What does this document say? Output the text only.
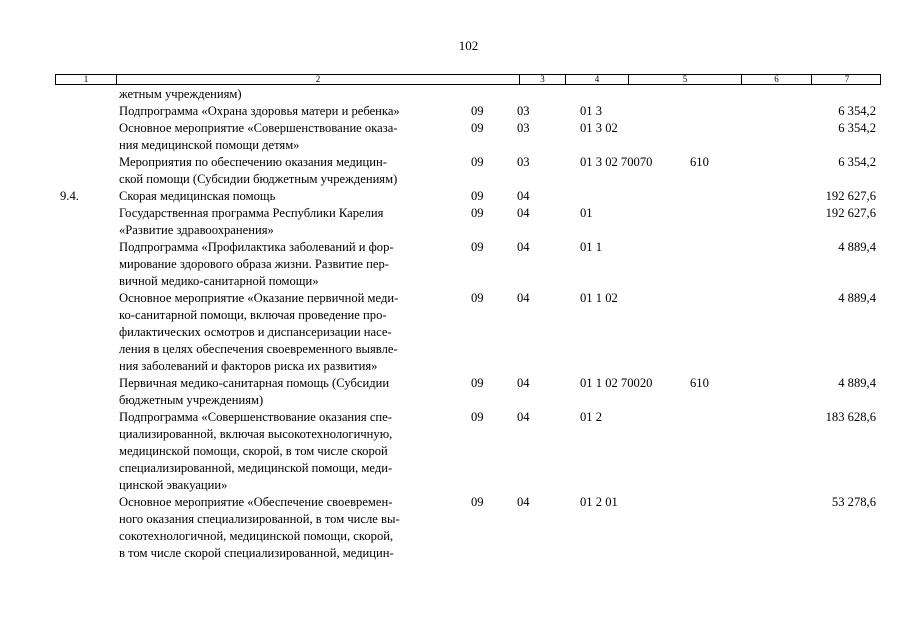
102
1	2	3	4	5	6	7
жетным учреждениям)
Подпрограмма «Охрана здоровья матери и ребенка»	09	03	01 3	6 354,2
Основное мероприятие «Совершенствование оказа-
ния медицинской помощи детям»
09	03	01 3 02	6 354,2
Мероприятия по обеспечению оказания медицин-
ской помощи (Субсидии бюджетным учреждениям)
09	03	01 3 02 70070	610	6 354,2
9.4.	Скорая медицинская помощь	09	04	192 627,6
Государственная программа Республики Карелия
«Развитие здравоохранения»
09	04	01	192 627,6
Подпрограмма «Профилактика заболеваний и фор-
мирование здорового образа жизни. Развитие пер-
вичной медико-санитарной помощи»
09	04	01 1	4 889,4
Основное мероприятие «Оказание первичной меди-
ко-санитарной помощи, включая проведение про-
филактических осмотров и диспансеризации насе-
ления в целях обеспечения своевременного выявле-
ния заболеваний и факторов риска их развития»
09	04	01 1 02	4 889,4
Первичная медико-санитарная помощь (Субсидии
бюджетным учреждениям)
09	04	01 1 02 70020	610	4 889,4
Подпрограмма «Совершенствование оказания спе-
циализированной, включая высокотехнологичную,
медицинской помощи, скорой, в том числе скорой
специализированной, медицинской помощи, меди-
цинской эвакуации»
09	04	01 2	183 628,6
Основное мероприятие «Обеспечение своевремен-
ного оказания специализированной, в том числе вы-
сокотехнологичной, медицинской помощи, скорой,
в том числе скорой специализированной, медицин-
09	04	01 2 01	53 278,6
